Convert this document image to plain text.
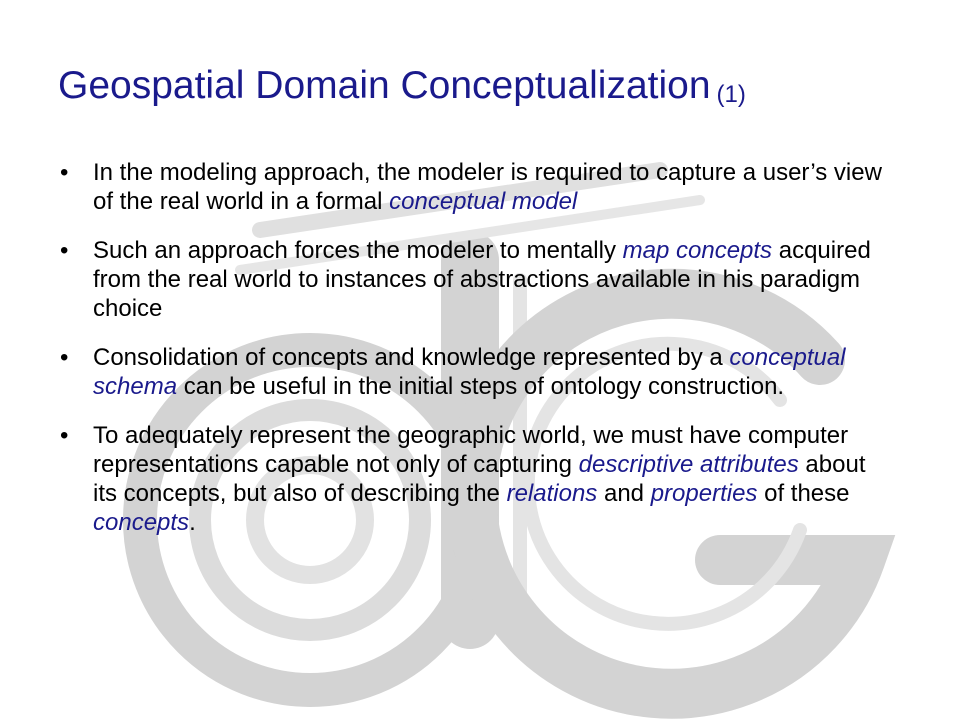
Geospatial Domain Conceptualization (1)
• In the modeling approach, the modeler is required to capture a user’s view of the real world in a formal conceptual model
• Such an approach forces the modeler to mentally map concepts acquired from the real world to instances of abstractions available in his paradigm choice
• Consolidation of concepts and knowledge represented by a conceptual schema can be useful in the initial steps of ontology construction.
• To adequately represent the geographic world, we must have computer representations capable not only of capturing descriptive attributes about its concepts, but also of describing the relations and properties of these concepts.
